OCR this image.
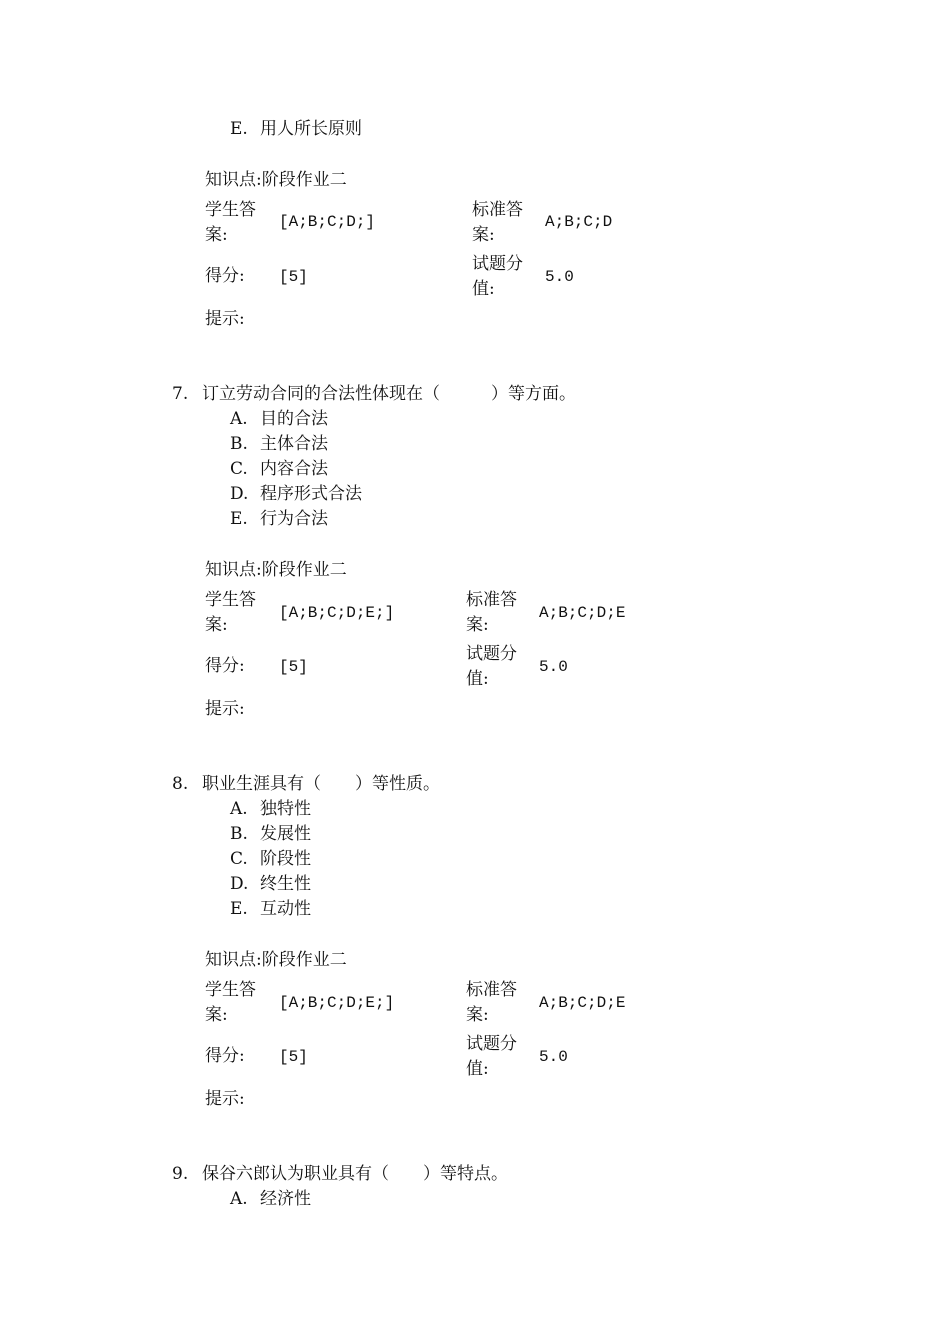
E. 用人所长原则
知识点:阶段作业二
学生答
案:
[A;B;C;D;]
标准答
案:
A;B;C;D
得分: [5]
试题分
值:
5.0
提示:
7. 订立劳动合同的合法性体现在（　　　）等方面。
A. 目的合法
B. 主体合法
C. 内容合法
D. 程序形式合法
E. 行为合法
知识点:阶段作业二
学生答
案:
[A;B;C;D;E;]
标准答
案:
A;B;C;D;E
得分: [5]
试题分
值:
5.0
提示:
8. 职业生涯具有（　　）等性质。
A. 独特性
B. 发展性
C. 阶段性
D. 终生性
E. 互动性
知识点:阶段作业二
学生答
案:
[A;B;C;D;E;]
标准答
案:
A;B;C;D;E
得分: [5]
试题分
值:
5.0
提示:
9. 保谷六郎认为职业具有（　　）等特点。
A. 经济性
